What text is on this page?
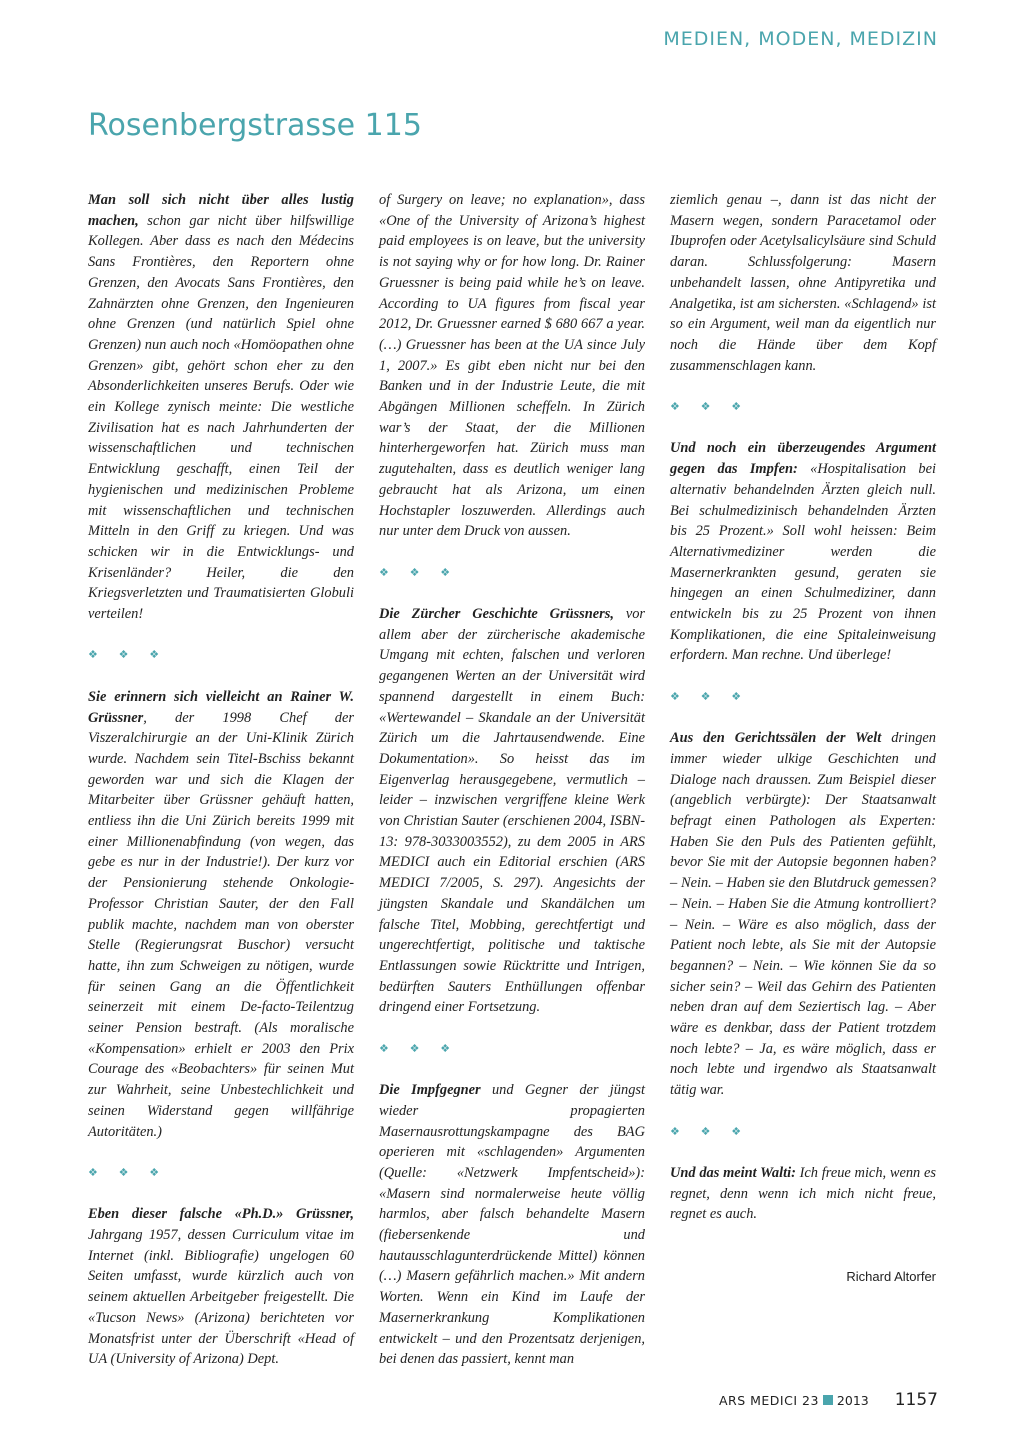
MEDIEN, MODEN, MEDIZIN
Rosenbergstrasse 115

Man soll sich nicht über alles lustig machen, schon gar nicht über hilfswillige Kollegen. Aber dass es nach den Médecins Sans Frontières, den Reportern ohne Grenzen, den Avocats Sans Frontières, den Zahnärzten ohne Grenzen, den Ingenieuren ohne Grenzen (und natürlich Spiel ohne Grenzen) nun auch noch «Homöopathen ohne Grenzen» gibt, gehört schon eher zu den Absonderlichkeiten unseres Berufs. Oder wie ein Kollege zynisch meinte: Die westliche Zivilisation hat es nach Jahrhunderten der wissenschaftlichen und technischen Entwicklung geschafft, einen Teil der hygienischen und medizinischen Probleme mit wissenschaftlichen und technischen Mitteln in den Griff zu kriegen. Und was schicken wir in die Entwicklungs- und Krisenländer? Heiler, die den Kriegsverletzten und Traumatisierten Globuli verteilen!

❖ ❖ ❖

Sie erinnern sich vielleicht an Rainer W. Grüssner, der 1998 Chef der Viszeralchirurgie an der Uni-Klinik Zürich wurde. Nachdem sein Titel-Bschiss bekannt geworden war und sich die Klagen der Mitarbeiter über Grüssner gehäuft hatten, entliess ihn die Uni Zürich bereits 1999 mit einer Millionenabfindung (von wegen, das gebe es nur in der Industrie!). Der kurz vor der Pensionierung stehende Onkologie-Professor Christian Sauter, der den Fall publik machte, nachdem man von oberster Stelle (Regierungsrat Buschor) versucht hatte, ihn zum Schweigen zu nötigen, wurde für seinen Gang an die Öffentlichkeit seinerzeit mit einem De-facto-Teilentzug seiner Pension bestraft. (Als moralische «Kompensation» erhielt er 2003 den Prix Courage des «Beobachters» für seinen Mut zur Wahrheit, seine Unbestechlichkeit und seinen Widerstand gegen willfährige Autoritäten.)

❖ ❖ ❖

Eben dieser falsche «Ph.D.» Grüssner, Jahrgang 1957, dessen Curriculum vitae im Internet (inkl. Bibliografie) ungelogen 60 Seiten umfasst, wurde kürzlich auch von seinem aktuellen Arbeitgeber freigestellt. Die «Tucson News» (Arizona) berichteten vor Monatsfrist unter der Überschrift «Head of UA (University of Arizona) Dept.

of Surgery on leave; no explanation», dass «One of the University of Arizona’s highest paid employees is on leave, but the university is not saying why or for how long. Dr. Rainer Gruessner is being paid while he’s on leave. According to UA figures from fiscal year 2012, Dr. Gruessner earned $ 680 667 a year. (…) Gruessner has been at the UA since July 1, 2007.» Es gibt eben nicht nur bei den Banken und in der Industrie Leute, die mit Abgängen Millionen scheffeln. In Zürich war’s der Staat, der die Millionen hinterhergeworfen hat. Zürich muss man zugutehalten, dass es deutlich weniger lang gebraucht hat als Arizona, um einen Hochstapler loszuwerden. Allerdings auch nur unter dem Druck von aussen.

❖ ❖ ❖

Die Zürcher Geschichte Grüssners, vor allem aber der zürcherische akademische Umgang mit echten, falschen und verloren gegangenen Werten an der Universität wird spannend dargestellt in einem Buch: «Wertewandel – Skandale an der Universität Zürich um die Jahrtausendwende. Eine Dokumentation». So heisst das im Eigenverlag herausgegebene, vermutlich – leider – inzwischen vergriffene kleine Werk von Christian Sauter (erschienen 2004, ISBN-13: 978-3033003552), zu dem 2005 in ARS MEDICI auch ein Editorial erschien (ARS MEDICI 7/2005, S. 297). Angesichts der jüngsten Skandale und Skandälchen um falsche Titel, Mobbing, gerechtfertigt und ungerechtfertigt, politische und taktische Entlassungen sowie Rücktritte und Intrigen, bedürften Sauters Enthüllungen offenbar dringend einer Fortsetzung.

❖ ❖ ❖

Die Impfgegner und Gegner der jüngst wieder propagierten Masernausrottungskampagne des BAG operieren mit «schlagenden» Argumenten (Quelle: «Netzwerk Impfentscheid»): «Masern sind normalerweise heute völlig harmlos, aber falsch behandelte Masern (fiebersenkende und hautausschlagunterdrückende Mittel) können (…) Masern gefährlich machen.» Mit andern Worten. Wenn ein Kind im Laufe der Masernerkrankung Komplikationen entwickelt – und den Prozentsatz derjenigen, bei denen das passiert, kennt man

ziemlich genau –, dann ist das nicht der Masern wegen, sondern Paracetamol oder Ibuprofen oder Acetylsalicylsäure sind Schuld daran. Schlussfolgerung: Masern unbehandelt lassen, ohne Antipyretika und Analgetika, ist am sichersten. «Schlagend» ist so ein Argument, weil man da eigentlich nur noch die Hände über dem Kopf zusammenschlagen kann.

❖ ❖ ❖

Und noch ein überzeugendes Argument gegen das Impfen: «Hospitalisation bei alternativ behandelnden Ärzten gleich null. Bei schulmedizinisch behandelnden Ärzten bis 25 Prozent.» Soll wohl heissen: Beim Alternativmediziner werden die Masernerkrankten gesund, geraten sie hingegen an einen Schulmediziner, dann entwickeln bis zu 25 Prozent von ihnen Komplikationen, die eine Spitaleinweisung erfordern. Man rechne. Und überlege!

❖ ❖ ❖

Aus den Gerichtssälen der Welt dringen immer wieder ulkige Geschichten und Dialoge nach draussen. Zum Beispiel dieser (angeblich verbürgte): Der Staatsanwalt befragt einen Pathologen als Experten: Haben Sie den Puls des Patienten gefühlt, bevor Sie mit der Autopsie begonnen haben? – Nein. – Haben sie den Blutdruck gemessen? – Nein. – Haben Sie die Atmung kontrolliert? – Nein. – Wäre es also möglich, dass der Patient noch lebte, als Sie mit der Autopsie begannen? – Nein. – Wie können Sie da so sicher sein? – Weil das Gehirn des Patienten neben dran auf dem Seziertisch lag. – Aber wäre es denkbar, dass der Patient trotzdem noch lebte? – Ja, es wäre möglich, dass er noch lebte und irgendwo als Staatsanwalt tätig war.

❖ ❖ ❖

Und das meint Walti: Ich freue mich, wenn es regnet, denn wenn ich mich nicht freue, regnet es auch.

Richard Altorfer
ARS MEDICI 23 2013 1157
